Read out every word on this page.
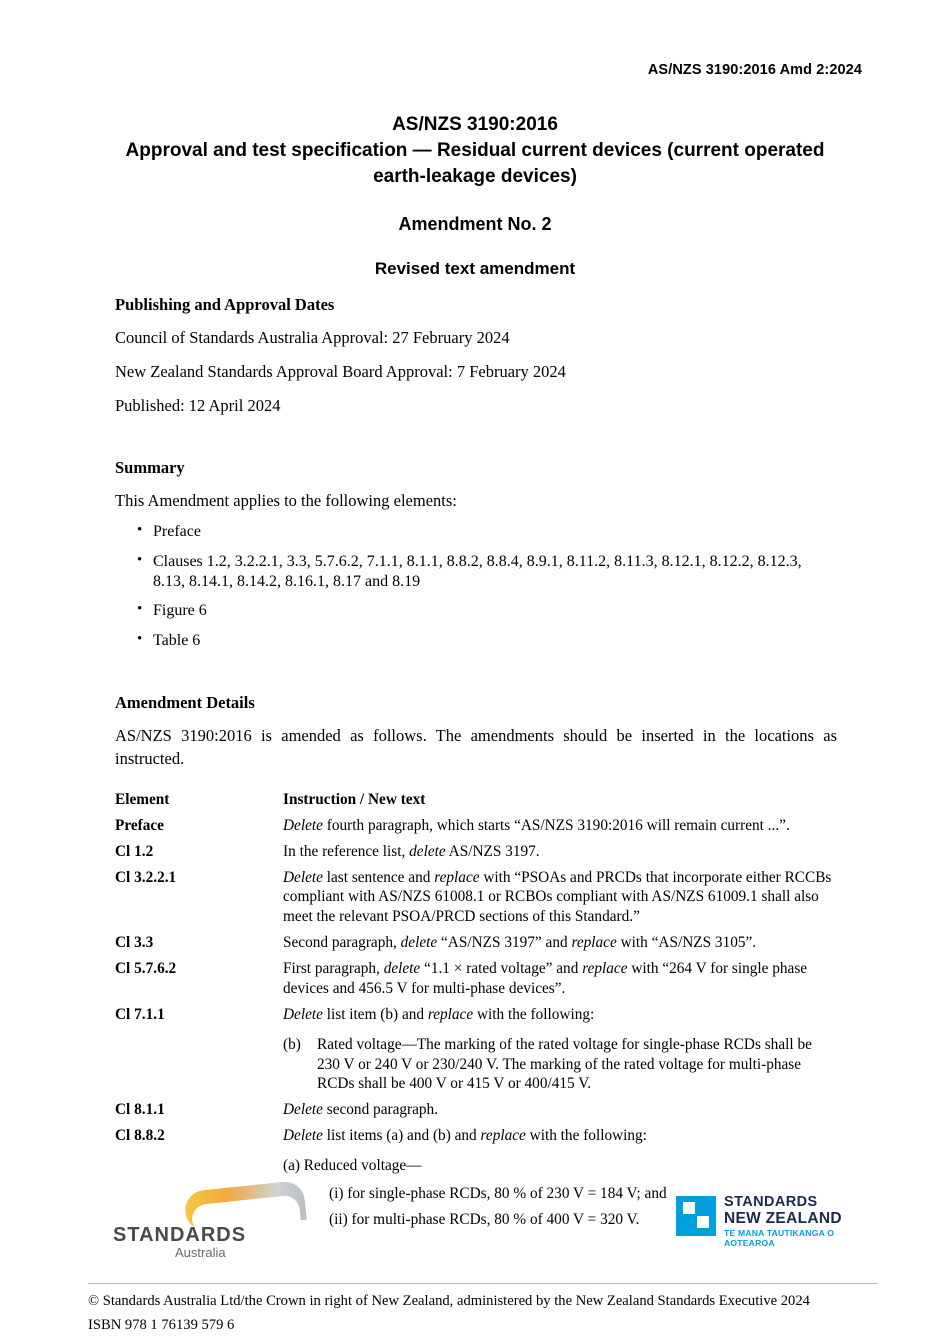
AS/NZS 3190:2016 Amd 2:2024
AS/NZS 3190:2016
Approval and test specification — Residual current devices (current operated earth-leakage devices)
Amendment No. 2
Revised text amendment
Publishing and Approval Dates

Council of Standards Australia Approval: 27 February 2024

New Zealand Standards Approval Board Approval: 7 February 2024

Published: 12 April 2024

Summary

This Amendment applies to the following elements:

• Preface
• Clauses 1.2, 3.2.2.1, 3.3, 5.7.6.2, 7.1.1, 8.1.1, 8.8.2, 8.8.4, 8.9.1, 8.11.2, 8.11.3, 8.12.1, 8.12.2, 8.12.3, 8.13, 8.14.1, 8.14.2, 8.16.1, 8.17 and 8.19
• Figure 6
• Table 6
Amendment Details

AS/NZS 3190:2016 is amended as follows. The amendments should be inserted in the locations as instructed.

Element	Instruction / New text
Preface	Delete fourth paragraph, which starts “AS/NZS 3190:2016 will remain current ...”.
Cl 1.2	In the reference list, delete AS/NZS 3197.
Cl 3.2.2.1	Delete last sentence and replace with “PSOAs and PRCDs that incorporate either RCCBs compliant with AS/NZS 61008.1 or RCBOs compliant with AS/NZS 61009.1 shall also meet the relevant PSOA/PRCD sections of this Standard.”
Cl 3.3	Second paragraph, delete “AS/NZS 3197” and replace with “AS/NZS 3105”.
Cl 5.7.6.2	First paragraph, delete “1.1 × rated voltage” and replace with “264 V for single phase devices and 456.5 V for multi-phase devices”.
Cl 7.1.1	Delete list item (b) and replace with the following:
(b) Rated voltage—The marking of the rated voltage for single-phase RCDs shall be 230 V or 240 V or 230/240 V. The marking of the rated voltage for multi-phase RCDs shall be 400 V or 415 V or 400/415 V.

Cl 8.1.1	Delete second paragraph.
Cl 8.8.2	Delete list items (a) and (b) and replace with the following:
(a) Reduced voltage—
(i) for single-phase RCDs, 80 % of 230 V = 184 V; and
(ii) for multi-phase RCDs, 80 % of 400 V = 320 V.
STANDARDS
Australia
STANDARDS
NEW ZEALAND
TE MANA TAUTIKANGA O AOTEAROA

© Standards Australia Ltd/the Crown in right of New Zealand, administered by the New Zealand Standards Executive 2024

ISBN 978 1 76139 579 6
